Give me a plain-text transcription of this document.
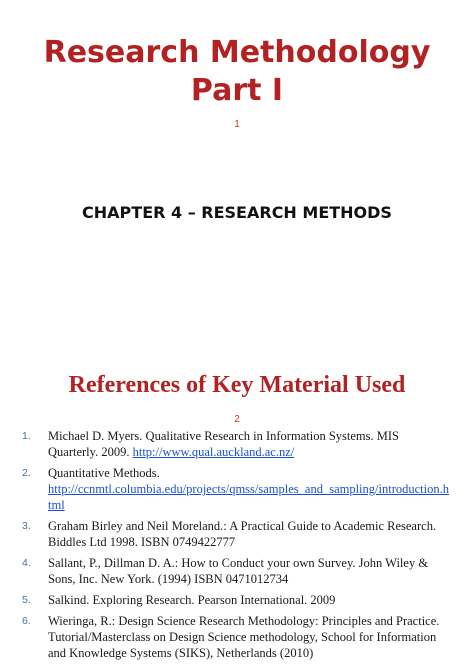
Research Methodology
Part I
1
CHAPTER 4 – RESEARCH METHODS
References of Key Material Used
2
1. Michael D. Myers. Qualitative Research in Information Systems. MIS Quarterly. 2009. http://www.qual.auckland.ac.nz/
2. Quantitative Methods.
http://ccnmtl.columbia.edu/projects/qmss/samples_and_sampling/introduction.html
3. Graham Birley and Neil Moreland.: A Practical Guide to Academic Research. Biddles Ltd 1998. ISBN 0749422777
4. Sallant, P., Dillman D. A.: How to Conduct your own Survey. John Wiley & Sons, Inc. New York. (1994) ISBN 0471012734
5. Salkind. Exploring Research. Pearson International. 2009
6. Wieringa, R.: Design Science Research Methodology: Principles and Practice. Tutorial/Masterclass on Design Science methodology, School for Information and Knowledge Systems (SIKS), Netherlands (2010)
